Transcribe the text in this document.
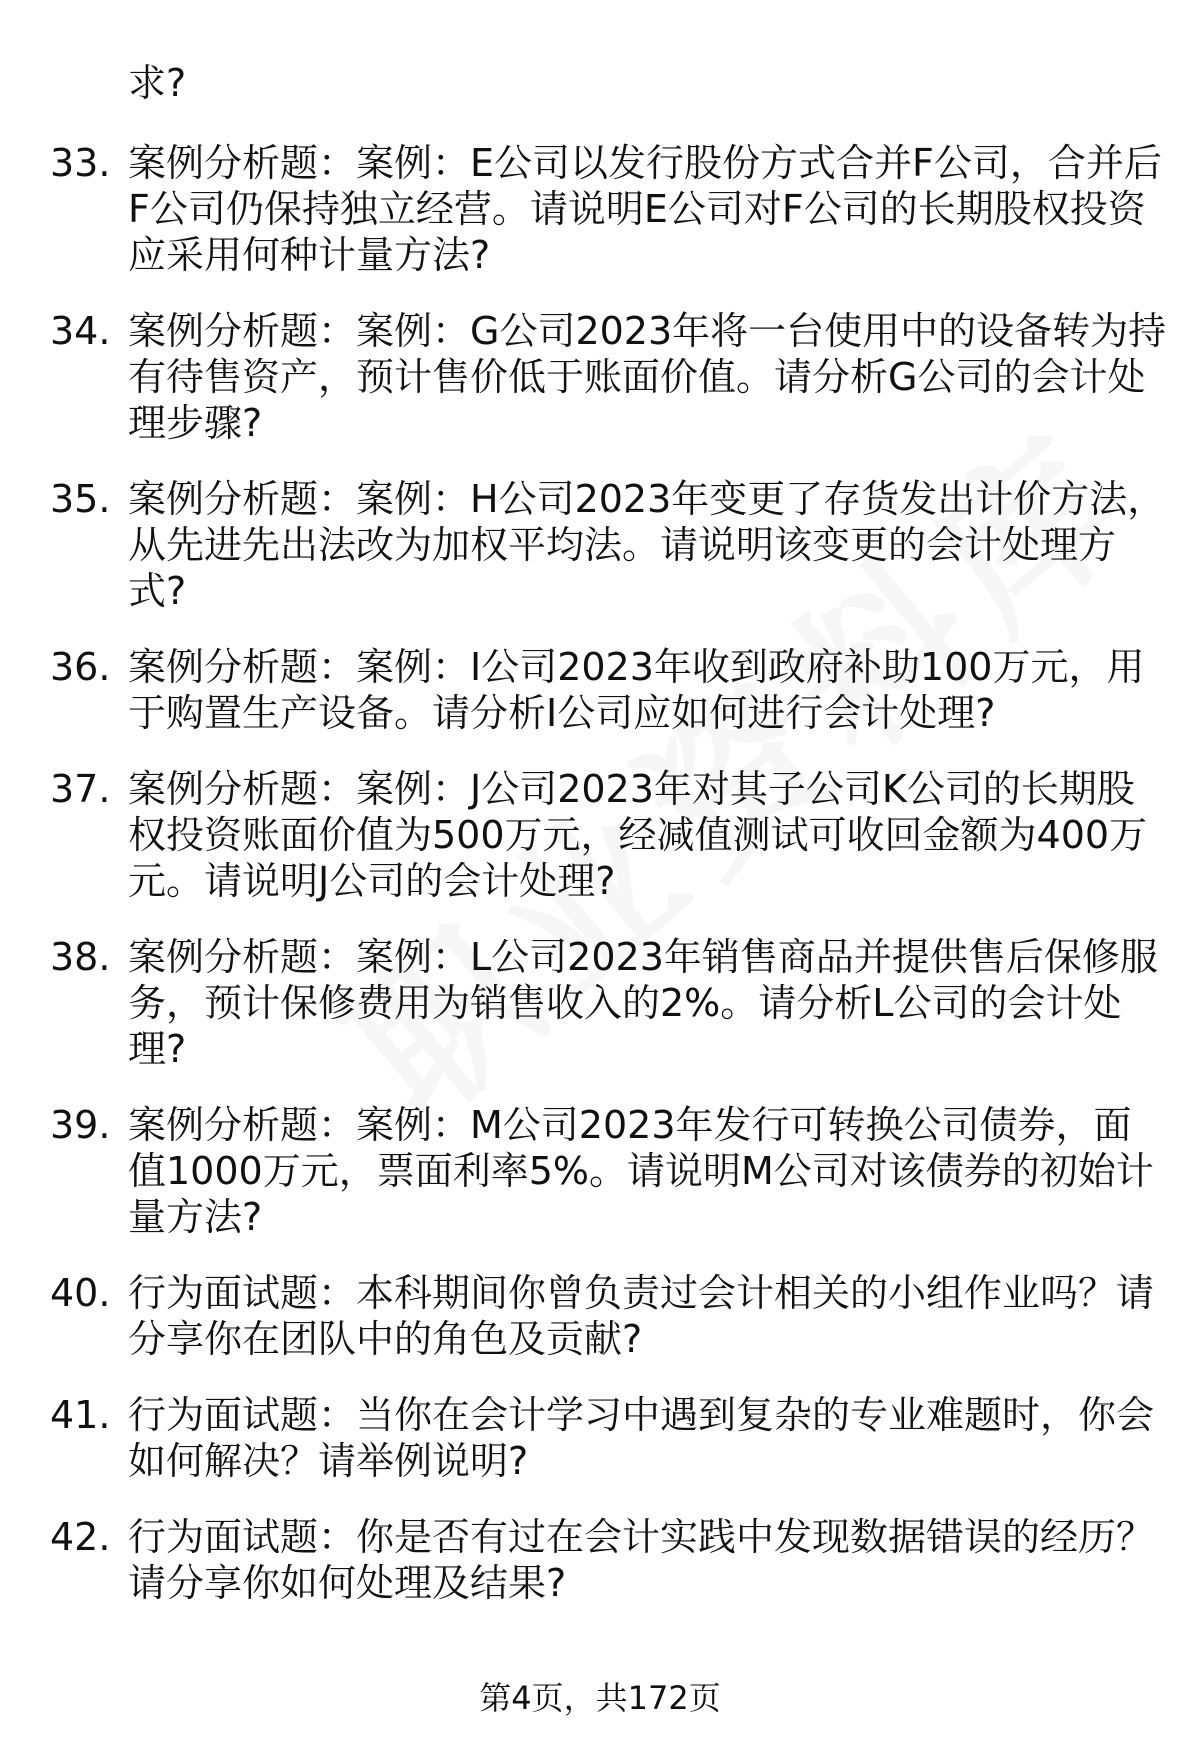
求?
33. 案例分析题：案例：E公司以发行股份方式合并F公司，合并后F公司仍保持独立经营。请说明E公司对F公司的长期股权投资应采用何种计量方法?
34. 案例分析题：案例：G公司2023年将一台使用中的设备转为持有待售资产，预计售价低于账面价值。请分析G公司的会计处理步骤?
35. 案例分析题：案例：H公司2023年变更了存货发出计价方法，从先进先出法改为加权平均法。请说明该变更的会计处理方式?
36. 案例分析题：案例：I公司2023年收到政府补助100万元，用于购置生产设备。请分析I公司应如何进行会计处理?
37. 案例分析题：案例：J公司2023年对其子公司K公司的长期股权投资账面价值为500万元，经减值测试可收回金额为400万元。请说明J公司的会计处理?
38. 案例分析题：案例：L公司2023年销售商品并提供售后保修服务，预计保修费用为销售收入的2%。请分析L公司的会计处理?
39. 案例分析题：案例：M公司2023年发行可转换公司债券，面值1000万元，票面利率5%。请说明M公司对该债券的初始计量方法?
40. 行为面试题：本科期间你曾负责过会计相关的小组作业吗？请分享你在团队中的角色及贡献?
41. 行为面试题：当你在会计学习中遇到复杂的专业难题时，你会如何解决？请举例说明?
42. 行为面试题：你是否有过在会计实践中发现数据错误的经历？请分享你如何处理及结果?
第4页，共172页
